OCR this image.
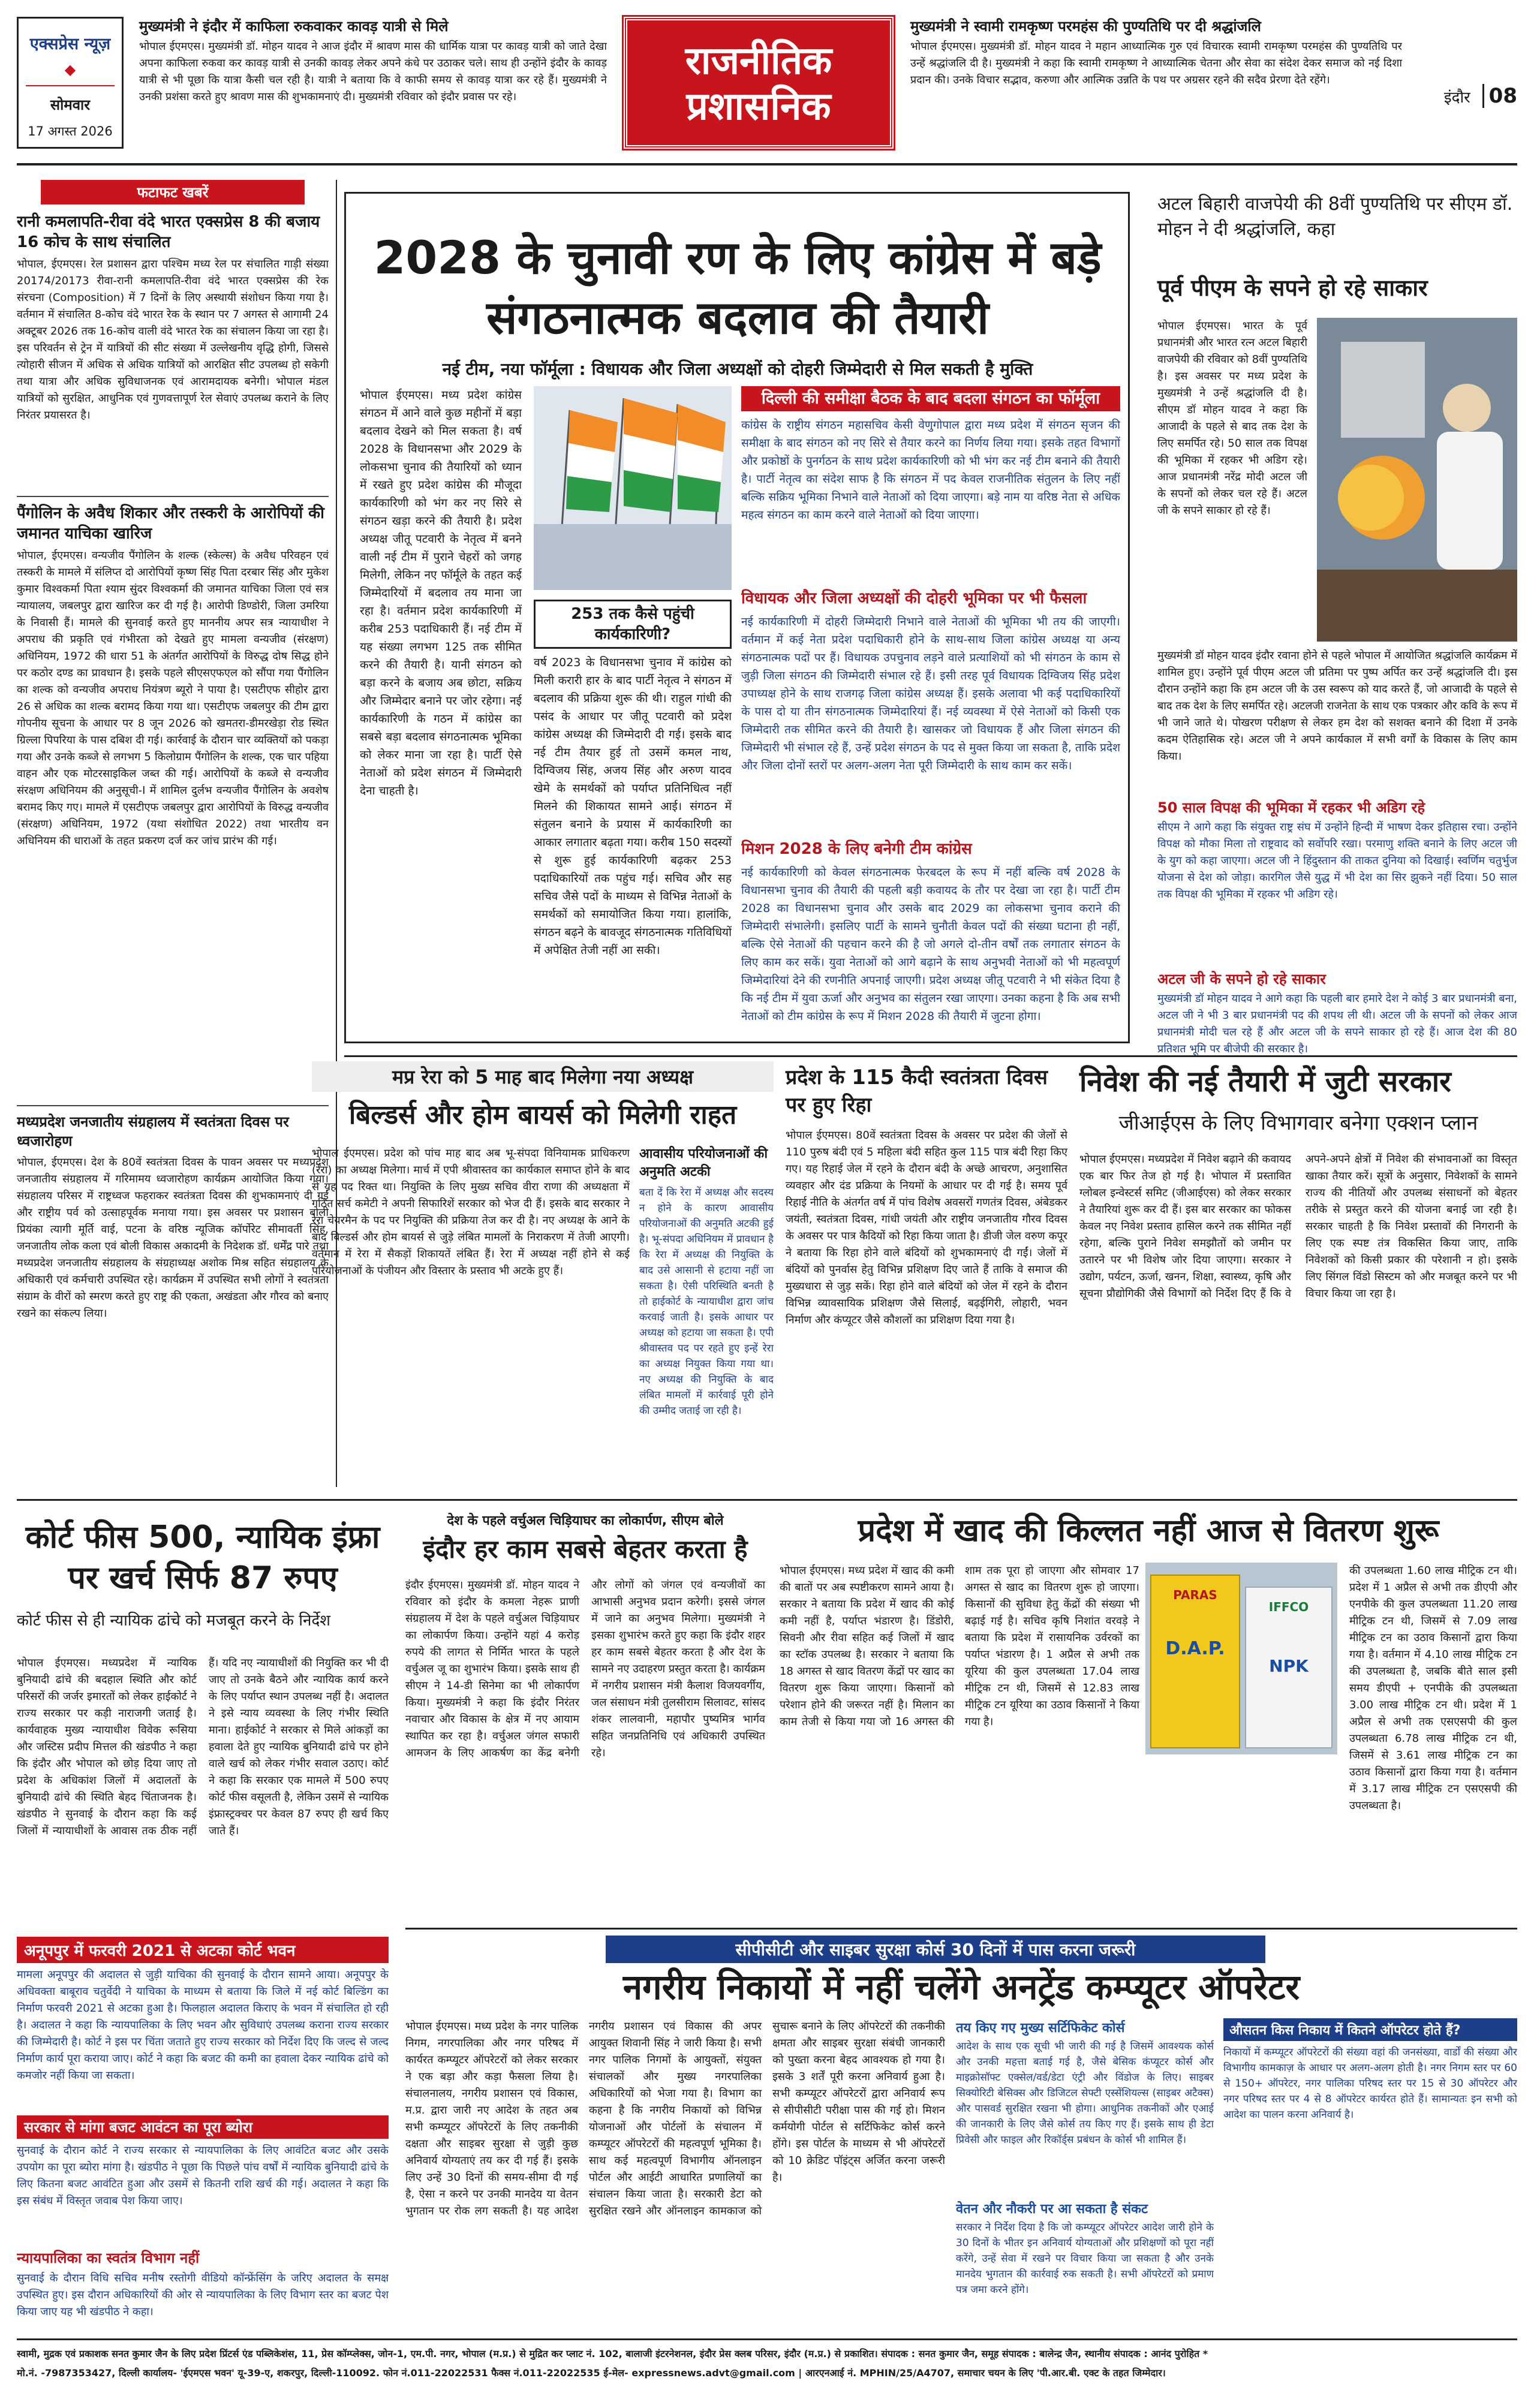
एक्सप्रेस न्यूज़
◆
सोमवार
17 अगस्त 2026
मुख्यमंत्री ने इंदौर में काफिला रुकवाकर कावड़ यात्री से मिले

भोपाल ईएमएस। मुख्यमंत्री डॉ. मोहन यादव ने आज इंदौर में श्रावण मास की धार्मिक यात्रा पर कावड़ यात्री को जाते देखा अपना काफिला रुकवा कर कावड़ यात्री से उनकी कावड़ लेकर अपने कंधे पर उठाकर चले। साथ ही उन्होंने इंदौर के कावड़ यात्री से भी पूछा कि यात्रा कैसी चल रही है। यात्री ने बताया कि वे काफी समय से कावड़ यात्रा कर रहे हैं। मुख्यमंत्री ने उनकी प्रशंसा करते हुए श्रावण मास की शुभकामनाएं दी। मुख्यमंत्री रविवार को इंदौर प्रवास पर रहे।

राजनीतिक
प्रशासनिक
मुख्यमंत्री ने स्वामी रामकृष्ण परमहंस की पुण्यतिथि पर दी श्रद्धांजलि

भोपाल ईएमएस। मुख्यमंत्री डॉ. मोहन यादव ने महान आध्यात्मिक गुरु एवं विचारक स्वामी रामकृष्ण परमहंस की पुण्यतिथि पर उन्हें श्रद्धांजलि दी है। मुख्यमंत्री ने कहा कि स्वामी रामकृष्ण ने आध्यात्मिक चेतना और सेवा का संदेश देकर समाज को नई दिशा प्रदान की। उनके विचार सद्भाव, करुणा और आत्मिक उन्नति के पथ पर अग्रसर रहने की सदैव प्रेरणा देते रहेंगे।

इंदौर 08
फटाफट खबरें
रानी कमलापति-रीवा वंदे भारत एक्सप्रेस 8 की बजाय 16 कोच के साथ संचालित

भोपाल, ईएमएस। रेल प्रशासन द्वारा पश्चिम मध्य रेल पर संचालित गाड़ी संख्या 20174/20173 रीवा-रानी कमलापति-रीवा वंदे भारत एक्सप्रेस की रेक संरचना (Composition) में 7 दिनों के लिए अस्थायी संशोधन किया गया है। वर्तमान में संचालित 8-कोच वंदे भारत रेक के स्थान पर 7 अगस्त से आगामी 24 अक्टूबर 2026 तक 16-कोच वाली वंदे भारत रेक का संचालन किया जा रहा है। इस परिवर्तन से ट्रेन में यात्रियों की सीट संख्या में उल्लेखनीय वृद्धि होगी, जिससे त्योहारी सीजन में अधिक से अधिक यात्रियों को आरक्षित सीट उपलब्ध हो सकेगी तथा यात्रा और अधिक सुविधाजनक एवं आरामदायक बनेगी। भोपाल मंडल यात्रियों को सुरक्षित, आधुनिक एवं गुणवत्तापूर्ण रेल सेवाएं उपलब्ध कराने के लिए निरंतर प्रयासरत है।

पैंगोलिन के अवैध शिकार और तस्करी के आरोपियों की जमानत याचिका खारिज

भोपाल, ईएमएस। वन्यजीव पैंगोलिन के शल्क (स्केल्स) के अवैध परिवहन एवं तस्करी के मामले में संलिप्त दो आरोपियों कृष्ण सिंह पिता दरबार सिंह और मुकेश कुमार विश्वकर्मा पिता श्याम सुंदर विश्वकर्मा की जमानत याचिका जिला एवं सत्र न्यायालय, जबलपुर द्वारा खारिज कर दी गई है। आरोपी डिण्डोरी, जिला उमरिया के निवासी हैं। मामले की सुनवाई करते हुए माननीय अपर सत्र न्यायाधीश ने अपराध की प्रकृति एवं गंभीरता को देखते हुए मामला वन्यजीव (संरक्षण) अधिनियम, 1972 की धारा 51 के अंतर्गत आरोपियों के विरुद्ध दोष सिद्ध होने पर कठोर दण्ड का प्रावधान है। इसके पहले सीएसएफएल को सौंपा गया पैंगोलिन का शल्क को वन्यजीव अपराध नियंत्रण ब्यूरो ने पाया है। एसटीएफ सीहोर द्वारा 26 से अधिक का शल्क बरामद किया गया था। एसटीएफ जबलपुर की टीम द्वारा गोपनीय सूचना के आधार पर 8 जून 2026 को खमतरा-डीमरखेड़ा रोड स्थित ग्रिल्ला पिपरिया के पास दबिश दी गई। कार्रवाई के दौरान चार व्यक्तियों को पकड़ा गया और उनके कब्जे से लगभग 5 किलोग्राम पैंगोलिन के शल्क, एक चार पहिया वाहन और एक मोटरसाइकिल जब्त की गई। आरोपियों के कब्जे से वन्यजीव संरक्षण अधिनियम की अनुसूची-I में शामिल दुर्लभ वन्यजीव पैंगोलिन के अवशेष बरामद किए गए। मामले में एसटीएफ जबलपुर द्वारा आरोपियों के विरुद्ध वन्यजीव (संरक्षण) अधिनियम, 1972 (यथा संशोधित 2022) तथा भारतीय वन अधिनियम की धाराओं के तहत प्रकरण दर्ज कर जांच प्रारंभ की गई।

मध्यप्रदेश जनजातीय संग्रहालय में स्वतंत्रता दिवस पर ध्वजारोहण

भोपाल, ईएमएस। देश के 80वें स्वतंत्रता दिवस के पावन अवसर पर मध्यप्रदेश जनजातीय संग्रहालय में गरिमामय ध्वजारोहण कार्यक्रम आयोजित किया गया। संग्रहालय परिसर में राष्ट्रध्वज फहराकर स्वतंत्रता दिवस की शुभकामनाएं दी गईं और राष्ट्रीय पर्व को उत्साहपूर्वक मनाया गया। इस अवसर पर प्रशासन बोली प्रियंका त्यागी मूर्ति वाई, पटना के वरिष्ठ न्यूजिक कॉर्पोरेट सीमावर्ती सिंह, जनजातीय लोक कला एवं बोली विकास अकादमी के निदेशक डॉ. धर्मेंद्र पारे तथा मध्यप्रदेश जनजातीय संग्रहालय के संग्रहाध्यक्ष अशोक मिश्र सहित संग्रहालय के अधिकारी एवं कर्मचारी उपस्थित रहे। कार्यक्रम में उपस्थित सभी लोगों ने स्वतंत्रता संग्राम के वीरों को स्मरण करते हुए राष्ट्र की एकता, अखंडता और गौरव को बनाए रखने का संकल्प लिया।

2028 के चुनावी रण के लिए कांग्रेस में बड़े संगठनात्मक बदलाव की तैयारी
नई टीम, नया फॉर्मूला : विधायक और जिला अध्यक्षों को दोहरी जिम्मेदारी से मिल सकती है मुक्ति

भोपाल ईएमएस। मध्य प्रदेश कांग्रेस संगठन में आने वाले कुछ महीनों में बड़ा बदलाव देखने को मिल सकता है। वर्ष 2028 के विधानसभा और 2029 के लोकसभा चुनाव की तैयारियों को ध्यान में रखते हुए प्रदेश कांग्रेस की मौजूदा कार्यकारिणी को भंग कर नए सिरे से संगठन खड़ा करने की तैयारी है। प्रदेश अध्यक्ष जीतू पटवारी के नेतृत्व में बनने वाली नई टीम में पुराने चेहरों को जगह मिलेगी, लेकिन नए फॉर्मूले के तहत कई जिम्मेदारियों में बदलाव तय माना जा रहा है। वर्तमान प्रदेश कार्यकारिणी में करीब 253 पदाधिकारी हैं। नई टीम में यह संख्या लगभग 125 तक सीमित करने की तैयारी है। यानी संगठन को बड़ा करने के बजाय अब छोटा, सक्रिय और जिम्मेदार बनाने पर जोर रहेगा। नई कार्यकारिणी के गठन में कांग्रेस का सबसे बड़ा बदलाव संगठनात्मक भूमिका को लेकर माना जा रहा है। पार्टी ऐसे नेताओं को प्रदेश संगठन में जिम्मेदारी देना चाहती है।

253 तक कैसे पहुंची कार्यकारिणी?

वर्ष 2023 के विधानसभा चुनाव में कांग्रेस को मिली करारी हार के बाद पार्टी नेतृत्व ने संगठन में बदलाव की प्रक्रिया शुरू की थी। राहुल गांधी की पसंद के आधार पर जीतू पटवारी को प्रदेश कांग्रेस अध्यक्ष की जिम्मेदारी दी गई। इसके बाद नई टीम तैयार हुई तो उसमें कमल नाथ, दिग्विजय सिंह, अजय सिंह और अरुण यादव खेमे के समर्थकों को पर्याप्त प्रतिनिधित्व नहीं मिलने की शिकायत सामने आई। संगठन में संतुलन बनाने के प्रयास में कार्यकारिणी का आकार लगातार बढ़ता गया। करीब 150 सदस्यों से शुरू हुई कार्यकारिणी बढ़कर 253 पदाधिकारियों तक पहुंच गई। सचिव और सह सचिव जैसे पदों के माध्यम से विभिन्न नेताओं के समर्थकों को समायोजित किया गया। हालांकि, संगठन बढ़ने के बावजूद संगठनात्मक गतिविधियों में अपेक्षित तेजी नहीं आ सकी।

दिल्ली की समीक्षा बैठक के बाद बदला संगठन का फॉर्मूला

कांग्रेस के राष्ट्रीय संगठन महासचिव केसी वेणुगोपाल द्वारा मध्य प्रदेश में संगठन सृजन की समीक्षा के बाद संगठन को नए सिरे से तैयार करने का निर्णय लिया गया। इसके तहत विभागों और प्रकोष्ठों के पुनर्गठन के साथ प्रदेश कार्यकारिणी को भी भंग कर नई टीम बनाने की तैयारी है। पार्टी नेतृत्व का संदेश साफ है कि संगठन में पद केवल राजनीतिक संतुलन के लिए नहीं बल्कि सक्रिय भूमिका निभाने वाले नेताओं को दिया जाएगा। बड़े नाम या वरिष्ठ नेता से अधिक महत्व संगठन का काम करने वाले नेताओं को दिया जाएगा।

विधायक और जिला अध्यक्षों की दोहरी भूमिका पर भी फैसला

नई कार्यकारिणी में दोहरी जिम्मेदारी निभाने वाले नेताओं की भूमिका भी तय की जाएगी। वर्तमान में कई नेता प्रदेश पदाधिकारी होने के साथ-साथ जिला कांग्रेस अध्यक्ष या अन्य संगठनात्मक पदों पर हैं। विधायक उपचुनाव लड़ने वाले प्रत्याशियों को भी संगठन के काम से जुड़ी जिला संगठन की जिम्मेदारी संभाल रहे हैं। इसी तरह पूर्व विधायक दिग्विजय सिंह प्रदेश उपाध्यक्ष होने के साथ राजगढ़ जिला कांग्रेस अध्यक्ष हैं। इसके अलावा भी कई पदाधिकारियों के पास दो या तीन संगठनात्मक जिम्मेदारियां हैं। नई व्यवस्था में ऐसे नेताओं को किसी एक जिम्मेदारी तक सीमित करने की तैयारी है। खासकर जो विधायक हैं और जिला संगठन की जिम्मेदारी भी संभाल रहे हैं, उन्हें प्रदेश संगठन के पद से मुक्त किया जा सकता है, ताकि प्रदेश और जिला दोनों स्तरों पर अलग-अलग नेता पूरी जिम्मेदारी के साथ काम कर सकें।

मिशन 2028 के लिए बनेगी टीम कांग्रेस

नई कार्यकारिणी को केवल संगठनात्मक फेरबदल के रूप में नहीं बल्कि वर्ष 2028 के विधानसभा चुनाव की तैयारी की पहली बड़ी कवायद के तौर पर देखा जा रहा है। पार्टी टीम 2028 का विधानसभा चुनाव और उसके बाद 2029 का लोकसभा चुनाव कराने की जिम्मेदारी संभालेगी। इसलिए पार्टी के सामने चुनौती केवल पदों की संख्या घटाना ही नहीं, बल्कि ऐसे नेताओं की पहचान करने की है जो अगले दो-तीन वर्षों तक लगातार संगठन के लिए काम कर सकें। युवा नेताओं को आगे बढ़ाने के साथ अनुभवी नेताओं को भी महत्वपूर्ण जिम्मेदारियां देने की रणनीति अपनाई जाएगी। प्रदेश अध्यक्ष जीतू पटवारी ने भी संकेत दिया है कि नई टीम में युवा ऊर्जा और अनुभव का संतुलन रखा जाएगा। उनका कहना है कि अब सभी नेताओं को टीम कांग्रेस के रूप में मिशन 2028 की तैयारी में जुटना होगा।

अटल बिहारी वाजपेयी की 8वीं पुण्यतिथि पर सीएम डॉ. मोहन ने दी श्रद्धांजलि, कहा
पूर्व पीएम के सपने हो रहे साकार

भोपाल ईएमएस। भारत के पूर्व प्रधानमंत्री और भारत रत्न अटल बिहारी वाजपेयी की रविवार को 8वीं पुण्यतिथि है। इस अवसर पर मध्य प्रदेश के मुख्यमंत्री ने उन्हें श्रद्धांजलि दी है। सीएम डॉ मोहन यादव ने कहा कि आजादी के पहले से बाद तक देश के लिए समर्पित रहे। 50 साल तक विपक्ष की भूमिका में रहकर भी अडिग रहे। आज प्रधानमंत्री नरेंद्र मोदी अटल जी के सपनों को लेकर चल रहे हैं। अटल जी के सपने साकार हो रहे हैं।

मुख्यमंत्री डॉ मोहन यादव इंदौर रवाना होने से पहले भोपाल में आयोजित श्रद्धांजलि कार्यक्रम में शामिल हुए। उन्होंने पूर्व पीएम अटल जी प्रतिमा पर पुष्प अर्पित कर उन्हें श्रद्धांजलि दी। इस दौरान उन्होंने कहा कि हम अटल जी के उस स्वरूप को याद करते हैं, जो आजादी के पहले से बाद तक देश के लिए समर्पित रहे। अटलजी राजनेता के साथ एक पत्रकार और कवि के रूप में भी जाने जाते थे। पोखरण परीक्षण से लेकर हम देश को सशक्त बनाने की दिशा में उनके कदम ऐतिहासिक रहे। अटल जी ने अपने कार्यकाल में सभी वर्गों के विकास के लिए काम किया।

50 साल विपक्ष की भूमिका में रहकर भी अडिग रहे

सीएम ने आगे कहा कि संयुक्त राष्ट्र संघ में उन्होंने हिन्दी में भाषण देकर इतिहास रचा। उन्होंने विपक्ष को मौका मिला तो राष्ट्रवाद को सर्वोपरि रखा। परमाणु शक्ति बनाने के लिए अटल जी के युग को कहा जाएगा। अटल जी ने हिंदुस्तान की ताकत दुनिया को दिखाई। स्वर्णिम चतुर्भुज योजना से देश को जोड़ा। कारगिल जैसे युद्ध में भी देश का सिर झुकने नहीं दिया। 50 साल तक विपक्ष की भूमिका में रहकर भी अडिग रहे।

अटल जी के सपने हो रहे साकार

मुख्यमंत्री डॉ मोहन यादव ने आगे कहा कि पहली बार हमारे देश ने कोई 3 बार प्रधानमंत्री बना, अटल जी ने भी 3 बार प्रधानमंत्री पद की शपथ ली थी। अटल जी के सपनों को लेकर आज प्रधानमंत्री मोदी चल रहे हैं और अटल जी के सपने साकार हो रहे हैं। आज देश की 80 प्रतिशत भूमि पर बीजेपी की सरकार है।

मप्र रेरा को 5 माह बाद मिलेगा नया अध्यक्ष
बिल्डर्स और होम बायर्स को मिलेगी राहत

भोपाल ईएमएस। प्रदेश को पांच माह बाद अब भू-संपदा विनियामक प्राधिकरण (रेरा) का अध्यक्ष मिलेगा। मार्च में एपी श्रीवास्तव का कार्यकाल समाप्त होने के बाद से यह पद रिक्त था। नियुक्ति के लिए मुख्य सचिव वीरा राणा की अध्यक्षता में गठित सर्च कमेटी ने अपनी सिफारिशें सरकार को भेज दी हैं। इसके बाद सरकार ने रेरा चेयरमैन के पद पर नियुक्ति की प्रक्रिया तेज कर दी है। नए अध्यक्ष के आने के बाद बिल्डर्स और होम बायर्स से जुड़े लंबित मामलों के निराकरण में तेजी आएगी। वर्तमान में रेरा में सैकड़ों शिकायतें लंबित हैं। रेरा में अध्यक्ष नहीं होने से कई परियोजनाओं के पंजीयन और विस्तार के प्रस्ताव भी अटके हुए हैं।

आवासीय परियोजनाओं की अनुमति अटकी

बता दें कि रेरा में अध्यक्ष और सदस्य न होने के कारण आवासीय परियोजनाओं की अनुमति अटकी हुई है। भू-संपदा अधिनियम में प्रावधान है कि रेरा में अध्यक्ष की नियुक्ति के बाद उसे आसानी से हटाया नहीं जा सकता है। ऐसी परिस्थिति बनती है तो हाईकोर्ट के न्यायाधीश द्वारा जांच करवाई जाती है। इसके आधार पर अध्यक्ष को हटाया जा सकता है। एपी श्रीवास्तव पद पर रहते हुए इन्हें रेरा का अध्यक्ष नियुक्त किया गया था। नए अध्यक्ष की नियुक्ति के बाद लंबित मामलों में कार्रवाई पूरी होने की उम्मीद जताई जा रही है।

प्रदेश के 115 कैदी स्वतंत्रता दिवस पर हुए रिहा

भोपाल ईएमएस। 80वें स्वतंत्रता दिवस के अवसर पर प्रदेश की जेलों से 110 पुरुष बंदी एवं 5 महिला बंदी सहित कुल 115 पात्र बंदी रिहा किए गए। यह रिहाई जेल में रहने के दौरान बंदी के अच्छे आचरण, अनुशासित व्यवहार और दंड प्रक्रिया के नियमों के आधार पर दी गई है। समय पूर्व रिहाई नीति के अंतर्गत वर्ष में पांच विशेष अवसरों गणतंत्र दिवस, अंबेडकर जयंती, स्वतंत्रता दिवस, गांधी जयंती और राष्ट्रीय जनजातीय गौरव दिवस के अवसर पर पात्र कैदियों को रिहा किया जाता है। डीजी जेल वरुण कपूर ने बताया कि रिहा होने वाले बंदियों को शुभकामनाएं दी गईं। जेलों में बंदियों को पुनर्वास हेतु विभिन्न प्रशिक्षण दिए जाते हैं ताकि वे समाज की मुख्यधारा से जुड़ सकें। रिहा होने वाले बंदियों को जेल में रहने के दौरान विभिन्न व्यावसायिक प्रशिक्षण जैसे सिलाई, बढ़ईगिरी, लोहारी, भवन निर्माण और कंप्यूटर जैसे कौशलों का प्रशिक्षण दिया गया है।

निवेश की नई तैयारी में जुटी सरकार
जीआईएस के लिए विभागवार बनेगा एक्शन प्लान

भोपाल ईएमएस। मध्यप्रदेश में निवेश बढ़ाने की कवायद एक बार फिर तेज हो गई है। भोपाल में प्रस्तावित ग्लोबल इन्वेस्टर्स समिट (जीआईएस) को लेकर सरकार ने तैयारियां शुरू कर दी हैं। इस बार सरकार का फोकस केवल नए निवेश प्रस्ताव हासिल करने तक सीमित नहीं रहेगा, बल्कि पुराने निवेश समझौतों को जमीन पर उतारने पर भी विशेष जोर दिया जाएगा। सरकार ने उद्योग, पर्यटन, ऊर्जा, खनन, शिक्षा, स्वास्थ्य, कृषि और सूचना प्रौद्योगिकी जैसे विभागों को निर्देश दिए हैं कि वे अपने-अपने क्षेत्रों में निवेश की संभावनाओं का विस्तृत खाका तैयार करें। सूत्रों के अनुसार, निवेशकों के सामने राज्य की नीतियों और उपलब्ध संसाधनों को बेहतर तरीके से प्रस्तुत करने की योजना बनाई जा रही है। सरकार चाहती है कि निवेश प्रस्तावों की निगरानी के लिए एक स्पष्ट तंत्र विकसित किया जाए, ताकि निवेशकों को किसी प्रकार की परेशानी न हो। इसके लिए सिंगल विंडो सिस्टम को और मजबूत करने पर भी विचार किया जा रहा है।

कोर्ट फीस 500, न्यायिक इंफ्रा पर खर्च सिर्फ 87 रुपए
कोर्ट फीस से ही न्यायिक ढांचे को मजबूत करने के निर्देश

भोपाल ईएमएस। मध्यप्रदेश में न्यायिक बुनियादी ढांचे की बदहाल स्थिति और कोर्ट परिसरों की जर्जर इमारतों को लेकर हाईकोर्ट ने राज्य सरकार पर कड़ी नाराजगी जताई है। कार्यवाहक मुख्य न्यायाधीश विवेक रूसिया और जस्टिस प्रदीप मित्तल की खंडपीठ ने कहा कि इंदौर और भोपाल को छोड़ दिया जाए तो प्रदेश के अधिकांश जिलों में अदालतों के बुनियादी ढांचे की स्थिति बेहद चिंताजनक है। खंडपीठ ने सुनवाई के दौरान कहा कि कई जिलों में न्यायाधीशों के आवास तक ठीक नहीं हैं। यदि नए न्यायाधीशों की नियुक्ति कर भी दी जाए तो उनके बैठने और न्यायिक कार्य करने के लिए पर्याप्त स्थान उपलब्ध नहीं है। अदालत ने इसे न्याय व्यवस्था के लिए गंभीर स्थिति माना। हाईकोर्ट ने सरकार से मिले आंकड़ों का हवाला देते हुए न्यायिक बुनियादी ढांचे पर होने वाले खर्च को लेकर गंभीर सवाल उठाए। कोर्ट ने कहा कि सरकार एक मामले में 500 रुपए कोर्ट फीस वसूलती है, लेकिन उसमें से न्यायिक इंफ्रास्ट्रक्चर पर केवल 87 रुपए ही खर्च किए जाते हैं।

अनूपपुर में फरवरी 2021 से अटका कोर्ट भवन

मामला अनूपपुर की अदालत से जुड़ी याचिका की सुनवाई के दौरान सामने आया। अनूपपुर के अधिवक्ता बाबूराव चतुर्वेदी ने याचिका के माध्यम से बताया कि जिले में नई कोर्ट बिल्डिंग का निर्माण फरवरी 2021 से अटका हुआ है। फिलहाल अदालत किराए के भवन में संचालित हो रही है। अदालत ने कहा कि न्यायपालिका के लिए भवन और सुविधाएं उपलब्ध कराना राज्य सरकार की जिम्मेदारी है। कोर्ट ने इस पर चिंता जताते हुए राज्य सरकार को निर्देश दिए कि जल्द से जल्द निर्माण कार्य पूरा कराया जाए। कोर्ट ने कहा कि बजट की कमी का हवाला देकर न्यायिक ढांचे को कमजोर नहीं किया जा सकता।

सरकार से मांगा बजट आवंटन का पूरा ब्योरा

सुनवाई के दौरान कोर्ट ने राज्य सरकार से न्यायपालिका के लिए आवंटित बजट और उसके उपयोग का पूरा ब्योरा मांगा है। खंडपीठ ने पूछा कि पिछले पांच वर्षों में न्यायिक बुनियादी ढांचे के लिए कितना बजट आवंटित हुआ और उसमें से कितनी राशि खर्च की गई। अदालत ने कहा कि इस संबंध में विस्तृत जवाब पेश किया जाए।

न्यायपालिका का स्वतंत्र विभाग नहीं

सुनवाई के दौरान विधि सचिव मनीष रस्तोगी वीडियो कॉन्फ्रेंसिंग के जरिए अदालत के समक्ष उपस्थित हुए। इस दौरान अधिकारियों की ओर से न्यायपालिका के लिए विभाग स्तर का बजट पेश किया जाए यह भी खंडपीठ ने कहा।

देश के पहले वर्चुअल चिड़ियाघर का लोकार्पण, सीएम बोले
इंदौर हर काम सबसे बेहतर करता है

इंदौर ईएमएस। मुख्यमंत्री डॉ. मोहन यादव ने रविवार को इंदौर के कमला नेहरू प्राणी संग्रहालय में देश के पहले वर्चुअल चिड़ियाघर का लोकार्पण किया। उन्होंने यहां 4 करोड़ रुपये की लागत से निर्मित भारत के पहले वर्चुअल जू का शुभारंभ किया। इसके साथ ही सीएम ने 14-डी सिनेमा का भी लोकार्पण किया। मुख्यमंत्री ने कहा कि इंदौर निरंतर नवाचार और विकास के क्षेत्र में नए आयाम स्थापित कर रहा है। वर्चुअल जंगल सफारी आमजन के लिए आकर्षण का केंद्र बनेगी और लोगों को जंगल एवं वन्यजीवों का आभासी अनुभव प्रदान करेगी। इससे जंगल में जाने का अनुभव मिलेगा। मुख्यमंत्री ने इसका शुभारंभ करते हुए कहा कि इंदौर शहर हर काम सबसे बेहतर करता है और देश के सामने नए उदाहरण प्रस्तुत करता है। कार्यक्रम में नगरीय प्रशासन मंत्री कैलाश विजयवर्गीय, जल संसाधन मंत्री तुलसीराम सिलावट, सांसद शंकर लालवानी, महापौर पुष्यमित्र भार्गव सहित जनप्रतिनिधि एवं अधिकारी उपस्थित रहे।

प्रदेश में खाद की किल्लत नहीं आज से वितरण शुरू

भोपाल ईएमएस। मध्य प्रदेश में खाद की कमी की बातों पर अब स्पष्टीकरण सामने आया है। सरकार ने बताया कि प्रदेश में खाद की कोई कमी नहीं है, पर्याप्त भंडारण है। डिंडोरी, सिवनी और रीवा सहित कई जिलों में खाद का स्टॉक उपलब्ध है। सरकार ने बताया कि 18 अगस्त से खाद वितरण केंद्रों पर खाद का वितरण शुरू किया जाएगा। किसानों को परेशान होने की जरूरत नहीं है। मिलान का काम तेजी से किया गया जो 16 अगस्त की शाम तक पूरा हो जाएगा और सोमवार 17 अगस्त से खाद का वितरण शुरू हो जाएगा। किसानों की सुविधा हेतु केंद्रों की संख्या भी बढ़ाई गई है। सचिव कृषि निशांत वरवड़े ने बताया कि प्रदेश में रासायनिक उर्वरकों का पर्याप्त भंडारण है। 1 अप्रैल से अभी तक यूरिया की कुल उपलब्धता 17.04 लाख मीट्रिक टन थी, जिसमें से 12.83 लाख मीट्रिक टन यूरिया का उठाव किसानों ने किया गया है।

PARAS
D.A.P.
IFFCO
NPK

की उपलब्धता 1.60 लाख मीट्रिक टन थी। प्रदेश में 1 अप्रैल से अभी तक डीएपी और एनपीके की कुल उपलब्धता 11.20 लाख मीट्रिक टन थी, जिसमें से 7.09 लाख मीट्रिक टन का उठाव किसानों द्वारा किया गया है। वर्तमान में 4.10 लाख मीट्रिक टन की उपलब्धता है, जबकि बीते साल इसी समय डीएपी + एनपीके की उपलब्धता 3.00 लाख मीट्रिक टन थी। प्रदेश में 1 अप्रैल से अभी तक एसएसपी की कुल उपलब्धता 6.78 लाख मीट्रिक टन थी, जिसमें से 3.61 लाख मीट्रिक टन का उठाव किसानों द्वारा किया गया है। वर्तमान में 3.17 लाख मीट्रिक टन एसएसपी की उपलब्धता है।

सीपीसीटी और साइबर सुरक्षा कोर्स 30 दिनों में पास करना जरूरी
नगरीय निकायों में नहीं चलेंगे अनट्रेंड कम्प्यूटर ऑपरेटर

भोपाल ईएमएस। मध्य प्रदेश के नगर पालिक निगम, नगरपालिका और नगर परिषद में कार्यरत कम्प्यूटर ऑपरेटरों को लेकर सरकार ने एक बड़ा और कड़ा फैसला लिया है। संचालनालय, नगरीय प्रशासन एवं विकास, म.प्र. द्वारा जारी नए आदेश के तहत अब सभी कम्प्यूटर ऑपरेटरों के लिए तकनीकी दक्षता और साइबर सुरक्षा से जुड़ी कुछ अनिवार्य योग्यताएं तय कर दी गई हैं। इसके लिए उन्हें 30 दिनों की समय-सीमा दी गई है, ऐसा न करने पर उनकी मानदेय या वेतन भुगतान पर रोक लग सकती है। यह आदेश नगरीय प्रशासन एवं विकास की अपर आयुक्त शिवानी सिंह ने जारी किया है। सभी नगर पालिक निगमों के आयुक्तों, संयुक्त संचालकों और मुख्य नगरपालिका अधिकारियों को भेजा गया है। विभाग का कहना है कि नगरीय निकायों को विभिन्न योजनाओं और पोर्टलों के संचालन में कम्प्यूटर ऑपरेटरों की महत्वपूर्ण भूमिका है। साथ कई महत्वपूर्ण विभागीय ऑनलाइन पोर्टल और आईटी आधारित प्रणालियों का संचालन किया जाता है। सरकारी डेटा को सुरक्षित रखने और ऑनलाइन कामकाज को सुचारू बनाने के लिए ऑपरेटरों की तकनीकी क्षमता और साइबर सुरक्षा संबंधी जानकारी को पुख्ता करना बेहद आवश्यक हो गया है। इसके 3 शर्तें पूरी करना अनिवार्य हुआ है। सभी कम्प्यूटर ऑपरेटरों द्वारा अनिवार्य रूप से सीपीसीटी परीक्षा पास की गई हो। मिशन कर्मयोगी पोर्टल से सर्टिफिकेट कोर्स करने होंगे। इस पोर्टल के माध्यम से भी ऑपरेटरों को 10 क्रेडिट पॉइंट्स अर्जित करना जरूरी है।

तय किए गए मुख्य सर्टिफिकेट कोर्स

आदेश के साथ एक सूची भी जारी की गई है जिसमें आवश्यक कोर्स और उनकी महत्ता बताई गई है, जैसे बेसिक कंप्यूटर कोर्स और माइक्रोसॉफ्ट एक्सेल/वर्ड/डेटा एंट्री और विंडोज के लिए। साइबर सिक्योरिटी बेसिक्स और डिजिटल सेफ्टी एस्सेंशियल्स (साइबर अटैक्स) और पासवर्ड सुरक्षित रखना भी होगा। आधुनिक तकनीकों और एआई की जानकारी के लिए जैसे कोर्स तय किए गए हैं। इसके साथ ही डेटा प्रिवेसी और फाइल और रिकॉर्ड्स प्रबंधन के कोर्स भी शामिल हैं।

वेतन और नौकरी पर आ सकता है संकट

सरकार ने निर्देश दिया है कि जो कम्प्यूटर ऑपरेटर आदेश जारी होने के 30 दिनों के भीतर इन अनिवार्य योग्यताओं और प्रशिक्षणों को पूरा नहीं करेंगे, उन्हें सेवा में रखने पर विचार किया जा सकता है और उनके मानदेय भुगतान की कार्रवाई रुक सकती है। सभी ऑपरेटरों को प्रमाण पत्र जमा करने होंगे।

औसतन किस निकाय में कितने ऑपरेटर होते हैं?

निकायों में कम्प्यूटर ऑपरेटरों की संख्या वहां की जनसंख्या, वार्डों की संख्या और विभागीय कामकाज़ के आधार पर अलग-अलग होती है। नगर निगम स्तर पर 60 से 150+ ऑपरेटर, नगर पालिका परिषद स्तर पर 15 से 30 ऑपरेटर और नगर परिषद स्तर पर 4 से 8 ऑपरेटर कार्यरत होते हैं। सामान्यतः इन सभी को आदेश का पालन करना अनिवार्य है।

स्वामी, मुद्रक एवं प्रकाशक सनत कुमार जैन के लिए प्रदेश प्रिंटर्स एंड पब्लिकेशंस, 11, प्रेस कॉम्प्लेक्स, जोन-1, एम.पी. नगर, भोपाल (म.प्र.) से मुद्रित कर प्लाट नं. 102, बालाजी इंटरनेशनल, इंदौर प्रेस क्लब परिसर, इंदौर (म.प्र.) से प्रकाशित। संपादक : सनत कुमार जैन, समूह संपादक : बालेन्द्र जैन, स्थानीय संपादक : आनंद पुरोहित *
मो.नं. -7987353427, दिल्ली कार्यालय- 'ईएमएस भवन' यू-39-ए, शकरपुर, दिल्ली-110092. फोन नं.011-22022531 फैक्स नं.011-22022535 ई-मेल- expressnews.advt@gmail.com | आरएनआई नं. MPHIN/25/A4707, समाचार चयन के लिए 'पी.आर.बी. एक्ट के तहत जिम्मेदार।
